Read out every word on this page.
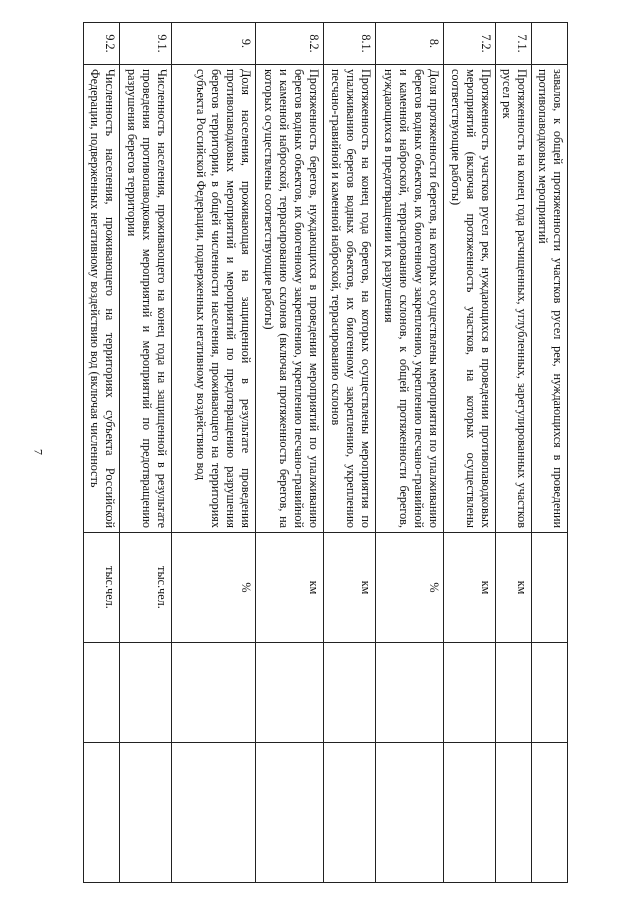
7
		завалов, к общей протяженности участков русел рек, нуждающихся в проведении противопаводковых мероприятий			
7.1.	Протяженность на конец года расчищенных, углубленных, зарегулированных участков русел рек	км		
7.2.	Протяженность участков русел рек, нуждающихся в проведении противопаводковых мероприятий (включая протяженность участков, на которых осуществлены соответствующие работы)	км		
8.	Доля протяженности берегов, на которых осуществлены мероприятия по упалживанию берегов водных объектов, их биогенному закреплению, укреплению песчано-гравийной и каменной наброской, террасированию склонов, к общей протяженности берегов, нуждающихся в предотвращении их разрушения	%		
8.1.	Протяженность на конец года берегов, на которых осуществлены мероприятия по упалживанию берегов водных объектов, их биогенному закреплению, укреплению песчано-гравийной и каменной наброской, террасированию склонов	км		
8.2.	Протяженность берегов, нуждающихся в проведении мероприятий по упалживанию берегов водных объектов, их биогенному закреплению, укреплению песчано-гравийной и каменной наброской, террасированию склонов (включая протяженность берегов, на которых осуществлены соответствующие работы)	км		
9.	Доля населения, проживающая на защищенной в результате проведения противопаводковых мероприятий и мероприятий по предотвращению разрушения берегов территории, в общей численности населения, проживающего на территориях субъекта Российской Федерации, подверженных негативному воздействию вод	%		
9.1.	Численность населения, проживающего на конец года на защищенной в результате проведения противопаводковых мероприятий и мероприятий по предотвращению разрушения берегов территории	тыс.чел.		
9.2.	Численность населения, проживающего на территориях субъекта Российской Федерации, подверженных негативному воздействию вод (включая численность	тыс.чел.		
